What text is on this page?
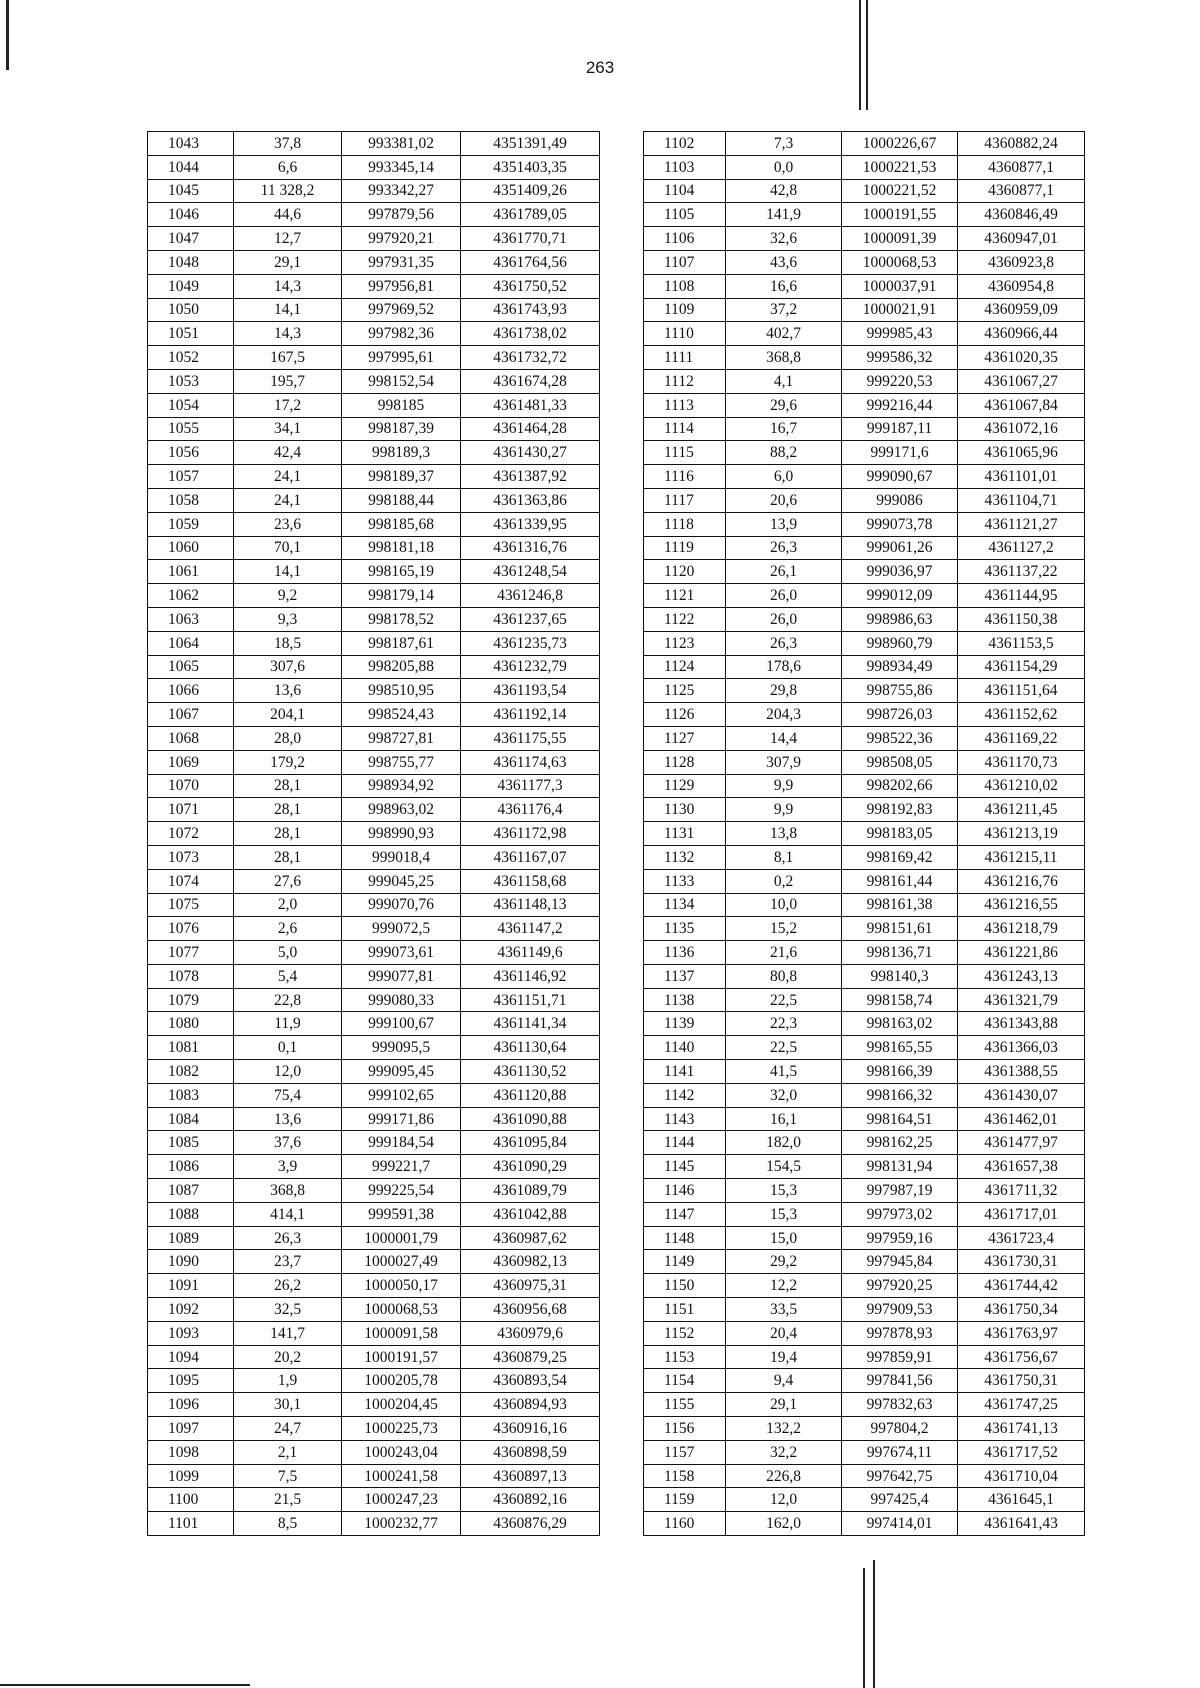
263
1043	37,8	993381,02	4351391,49
1044	6,6	993345,14	4351403,35
1045	11 328,2	993342,27	4351409,26
1046	44,6	997879,56	4361789,05
1047	12,7	997920,21	4361770,71
1048	29,1	997931,35	4361764,56
1049	14,3	997956,81	4361750,52
1050	14,1	997969,52	4361743,93
1051	14,3	997982,36	4361738,02
1052	167,5	997995,61	4361732,72
1053	195,7	998152,54	4361674,28
1054	17,2	998185	4361481,33
1055	34,1	998187,39	4361464,28
1056	42,4	998189,3	4361430,27
1057	24,1	998189,37	4361387,92
1058	24,1	998188,44	4361363,86
1059	23,6	998185,68	4361339,95
1060	70,1	998181,18	4361316,76
1061	14,1	998165,19	4361248,54
1062	9,2	998179,14	4361246,8
1063	9,3	998178,52	4361237,65
1064	18,5	998187,61	4361235,73
1065	307,6	998205,88	4361232,79
1066	13,6	998510,95	4361193,54
1067	204,1	998524,43	4361192,14
1068	28,0	998727,81	4361175,55
1069	179,2	998755,77	4361174,63
1070	28,1	998934,92	4361177,3
1071	28,1	998963,02	4361176,4
1072	28,1	998990,93	4361172,98
1073	28,1	999018,4	4361167,07
1074	27,6	999045,25	4361158,68
1075	2,0	999070,76	4361148,13
1076	2,6	999072,5	4361147,2
1077	5,0	999073,61	4361149,6
1078	5,4	999077,81	4361146,92
1079	22,8	999080,33	4361151,71
1080	11,9	999100,67	4361141,34
1081	0,1	999095,5	4361130,64
1082	12,0	999095,45	4361130,52
1083	75,4	999102,65	4361120,88
1084	13,6	999171,86	4361090,88
1085	37,6	999184,54	4361095,84
1086	3,9	999221,7	4361090,29
1087	368,8	999225,54	4361089,79
1088	414,1	999591,38	4361042,88
1089	26,3	1000001,79	4360987,62
1090	23,7	1000027,49	4360982,13
1091	26,2	1000050,17	4360975,31
1092	32,5	1000068,53	4360956,68
1093	141,7	1000091,58	4360979,6
1094	20,2	1000191,57	4360879,25
1095	1,9	1000205,78	4360893,54
1096	30,1	1000204,45	4360894,93
1097	24,7	1000225,73	4360916,16
1098	2,1	1000243,04	4360898,59
1099	7,5	1000241,58	4360897,13
1100	21,5	1000247,23	4360892,16
1101	8,5	1000232,77	4360876,29
1102	7,3	1000226,67	4360882,24
1103	0,0	1000221,53	4360877,1
1104	42,8	1000221,52	4360877,1
1105	141,9	1000191,55	4360846,49
1106	32,6	1000091,39	4360947,01
1107	43,6	1000068,53	4360923,8
1108	16,6	1000037,91	4360954,8
1109	37,2	1000021,91	4360959,09
1110	402,7	999985,43	4360966,44
1111	368,8	999586,32	4361020,35
1112	4,1	999220,53	4361067,27
1113	29,6	999216,44	4361067,84
1114	16,7	999187,11	4361072,16
1115	88,2	999171,6	4361065,96
1116	6,0	999090,67	4361101,01
1117	20,6	999086	4361104,71
1118	13,9	999073,78	4361121,27
1119	26,3	999061,26	4361127,2
1120	26,1	999036,97	4361137,22
1121	26,0	999012,09	4361144,95
1122	26,0	998986,63	4361150,38
1123	26,3	998960,79	4361153,5
1124	178,6	998934,49	4361154,29
1125	29,8	998755,86	4361151,64
1126	204,3	998726,03	4361152,62
1127	14,4	998522,36	4361169,22
1128	307,9	998508,05	4361170,73
1129	9,9	998202,66	4361210,02
1130	9,9	998192,83	4361211,45
1131	13,8	998183,05	4361213,19
1132	8,1	998169,42	4361215,11
1133	0,2	998161,44	4361216,76
1134	10,0	998161,38	4361216,55
1135	15,2	998151,61	4361218,79
1136	21,6	998136,71	4361221,86
1137	80,8	998140,3	4361243,13
1138	22,5	998158,74	4361321,79
1139	22,3	998163,02	4361343,88
1140	22,5	998165,55	4361366,03
1141	41,5	998166,39	4361388,55
1142	32,0	998166,32	4361430,07
1143	16,1	998164,51	4361462,01
1144	182,0	998162,25	4361477,97
1145	154,5	998131,94	4361657,38
1146	15,3	997987,19	4361711,32
1147	15,3	997973,02	4361717,01
1148	15,0	997959,16	4361723,4
1149	29,2	997945,84	4361730,31
1150	12,2	997920,25	4361744,42
1151	33,5	997909,53	4361750,34
1152	20,4	997878,93	4361763,97
1153	19,4	997859,91	4361756,67
1154	9,4	997841,56	4361750,31
1155	29,1	997832,63	4361747,25
1156	132,2	997804,2	4361741,13
1157	32,2	997674,11	4361717,52
1158	226,8	997642,75	4361710,04
1159	12,0	997425,4	4361645,1
1160	162,0	997414,01	4361641,43
